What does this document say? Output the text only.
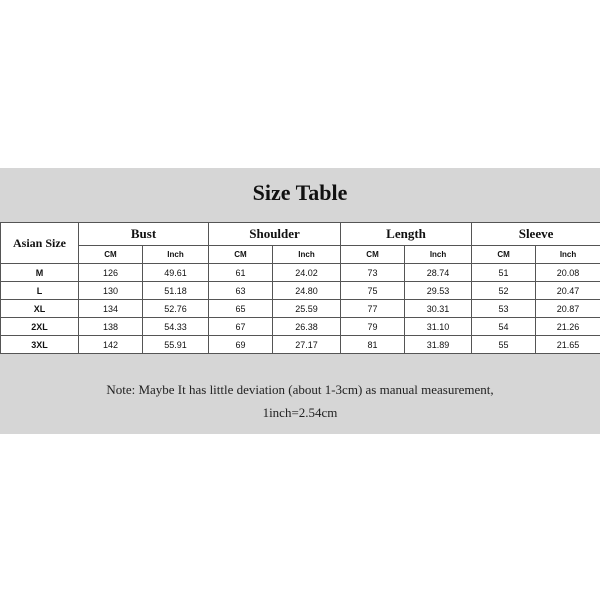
Size Table
Asian Size	Bust		Shoulder		Length		Sleeve	
	CM	Inch	CM	Inch	CM	Inch	CM	Inch
M	126	49.61	61	24.02	73	28.74	51	20.08
L	130	51.18	63	24.80	75	29.53	52	20.47
XL	134	52.76	65	25.59	77	30.31	53	20.87
2XL	138	54.33	67	26.38	79	31.10	54	21.26
3XL	142	55.91	69	27.17	81	31.89	55	21.65
Note: Maybe It has little deviation (about 1-3cm) as manual measurement,
1inch=2.54cm
